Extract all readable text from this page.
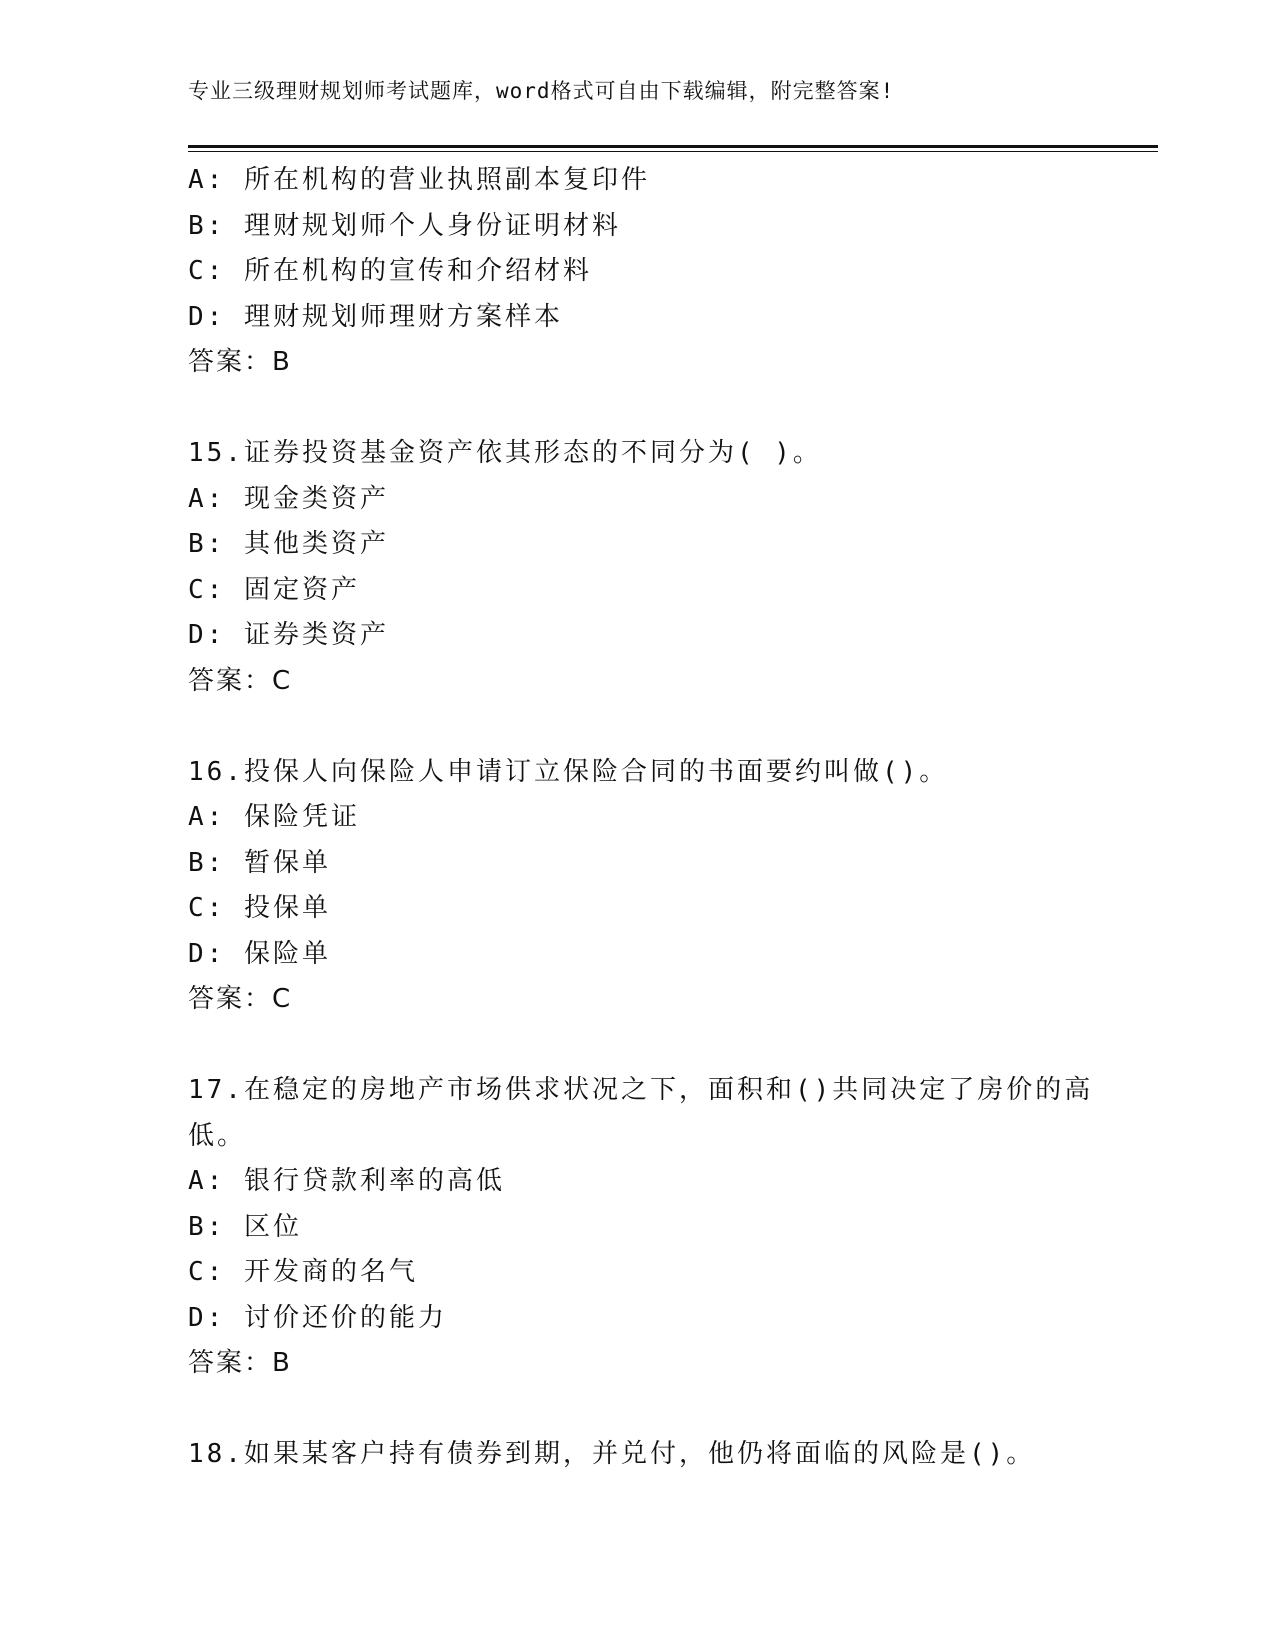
专业三级理财规划师考试题库，word格式可自由下载编辑，附完整答案!
A: 所在机构的营业执照副本复印件
B: 理财规划师个人身份证明材料
C: 所在机构的宣传和介绍材料
D: 理财规划师理财方案样本
答案：B
15.证券投资基金资产依其形态的不同分为( )。
A: 现金类资产
B: 其他类资产
C: 固定资产
D: 证券类资产
答案：C
16.投保人向保险人申请订立保险合同的书面要约叫做()。
A: 保险凭证
B: 暂保单
C: 投保单
D: 保险单
答案：C
17.在稳定的房地产市场供求状况之下，面积和()共同决定了房价的高低。
A: 银行贷款利率的高低
B: 区位
C: 开发商的名气
D: 讨价还价的能力
答案：B
18.如果某客户持有债券到期，并兑付，他仍将面临的风险是()。
